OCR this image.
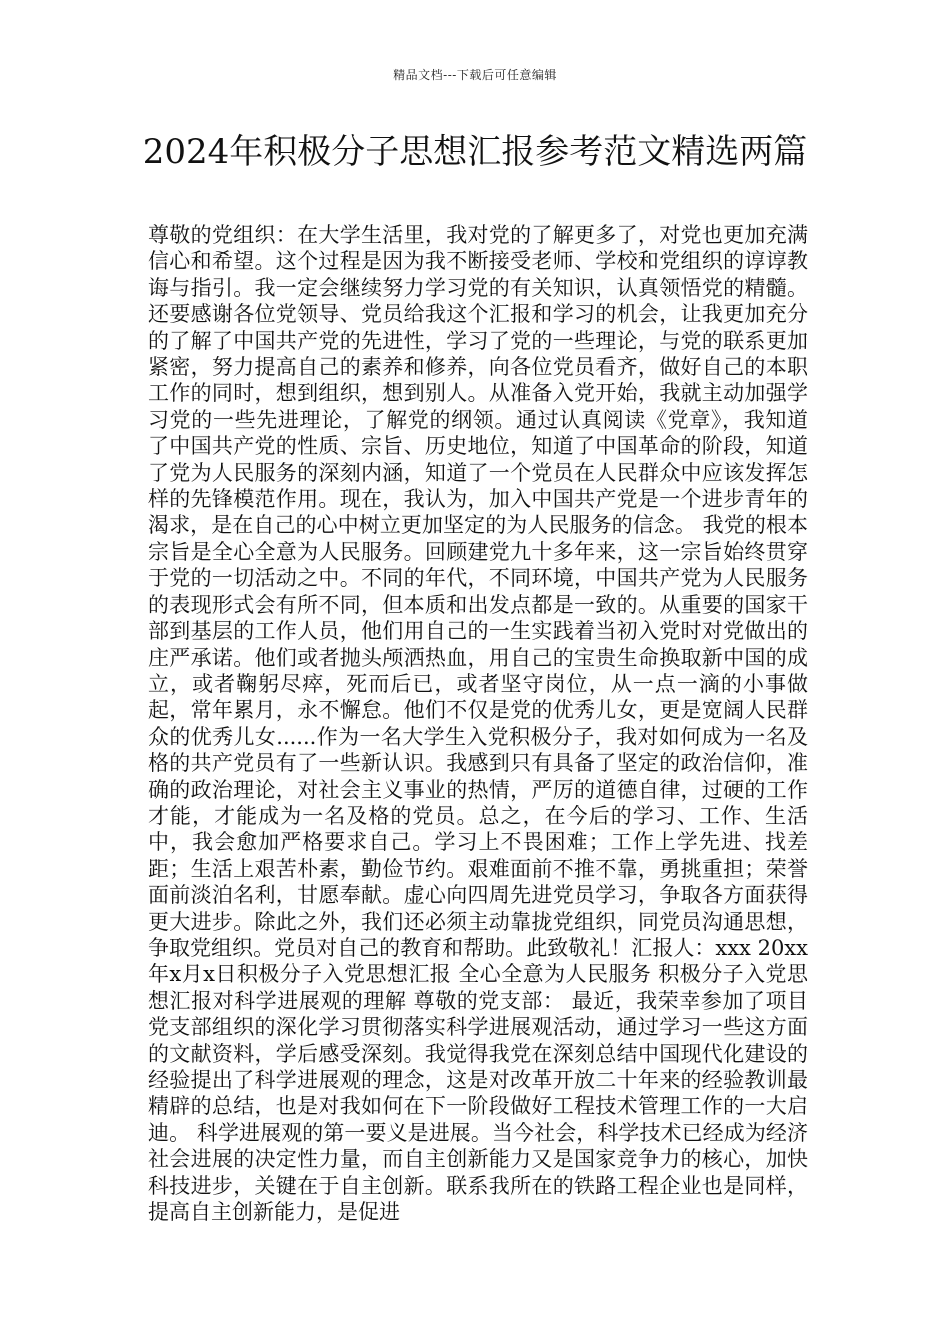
精品文档---下载后可任意编辑
2024年积极分子思想汇报参考范文精选两篇
尊敬的党组织：在大学生活里，我对党的了解更多了，对党也更加充满信心和希望。这个过程是因为我不断接受老师、学校和党组织的谆谆教诲与指引。我一定会继续努力学习党的有关知识，认真领悟党的精髓。还要感谢各位党领导、党员给我这个汇报和学习的机会，让我更加充分的了解了中国共产党的先进性，学习了党的一些理论，与党的联系更加紧密，努力提高自己的素养和修养，向各位党员看齐，做好自己的本职工作的同时，想到组织，想到别人。从准备入党开始，我就主动加强学习党的一些先进理论，了解党的纲领。通过认真阅读《党章》，我知道了中国共产党的性质、宗旨、历史地位，知道了中国革命的阶段，知道了党为人民服务的深刻内涵，知道了一个党员在人民群众中应该发挥怎样的先锋模范作用。现在，我认为，加入中国共产党是一个进步青年的渴求，是在自己的心中树立更加坚定的为人民服务的信念。 我党的根本宗旨是全心全意为人民服务。回顾建党九十多年来，这一宗旨始终贯穿于党的一切活动之中。不同的年代，不同环境，中国共产党为人民服务的表现形式会有所不同，但本质和出发点都是一致的。从重要的国家干部到基层的工作人员，他们用自己的一生实践着当初入党时对党做出的庄严承诺。他们或者抛头颅洒热血，用自己的宝贵生命换取新中国的成立，或者鞠躬尽瘁，死而后已，或者坚守岗位，从一点一滴的小事做起，常年累月，永不懈怠。他们不仅是党的优秀儿女，更是宽阔人民群众的优秀儿女......作为一名大学生入党积极分子，我对如何成为一名及格的共产党员有了一些新认识。我感到只有具备了坚定的政治信仰，准确的政治理论，对社会主义事业的热情，严厉的道德自律，过硬的工作才能，才能成为一名及格的党员。总之，在今后的学习、工作、生活中，我会愈加严格要求自己。学习上不畏困难；工作上学先进、找差距；生活上艰苦朴素，勤俭节约。艰难面前不推不靠，勇挑重担；荣誉面前淡泊名利，甘愿奉献。虚心向四周先进党员学习，争取各方面获得更大进步。除此之外，我们还必须主动靠拢党组织，同党员沟通思想，争取党组织。党员对自己的教育和帮助。此致敬礼！汇报人：xxx 20xx年x月x日积极分子入党思想汇报 全心全意为人民服务 积极分子入党思想汇报对科学进展观的理解 尊敬的党支部： 最近，我荣幸参加了项目党支部组织的深化学习贯彻落实科学进展观活动，通过学习一些这方面的文献资料，学后感受深刻。我觉得我党在深刻总结中国现代化建设的经验提出了科学进展观的理念，这是对改革开放二十年来的经验教训最精辟的总结，也是对我如何在下一阶段做好工程技术管理工作的一大启迪。 科学进展观的第一要义是进展。当今社会，科学技术已经成为经济社会进展的决定性力量，而自主创新能力又是国家竞争力的核心，加快科技进步，关键在于自主创新。联系我所在的铁路工程企业也是同样，提高自主创新能力，是促进
